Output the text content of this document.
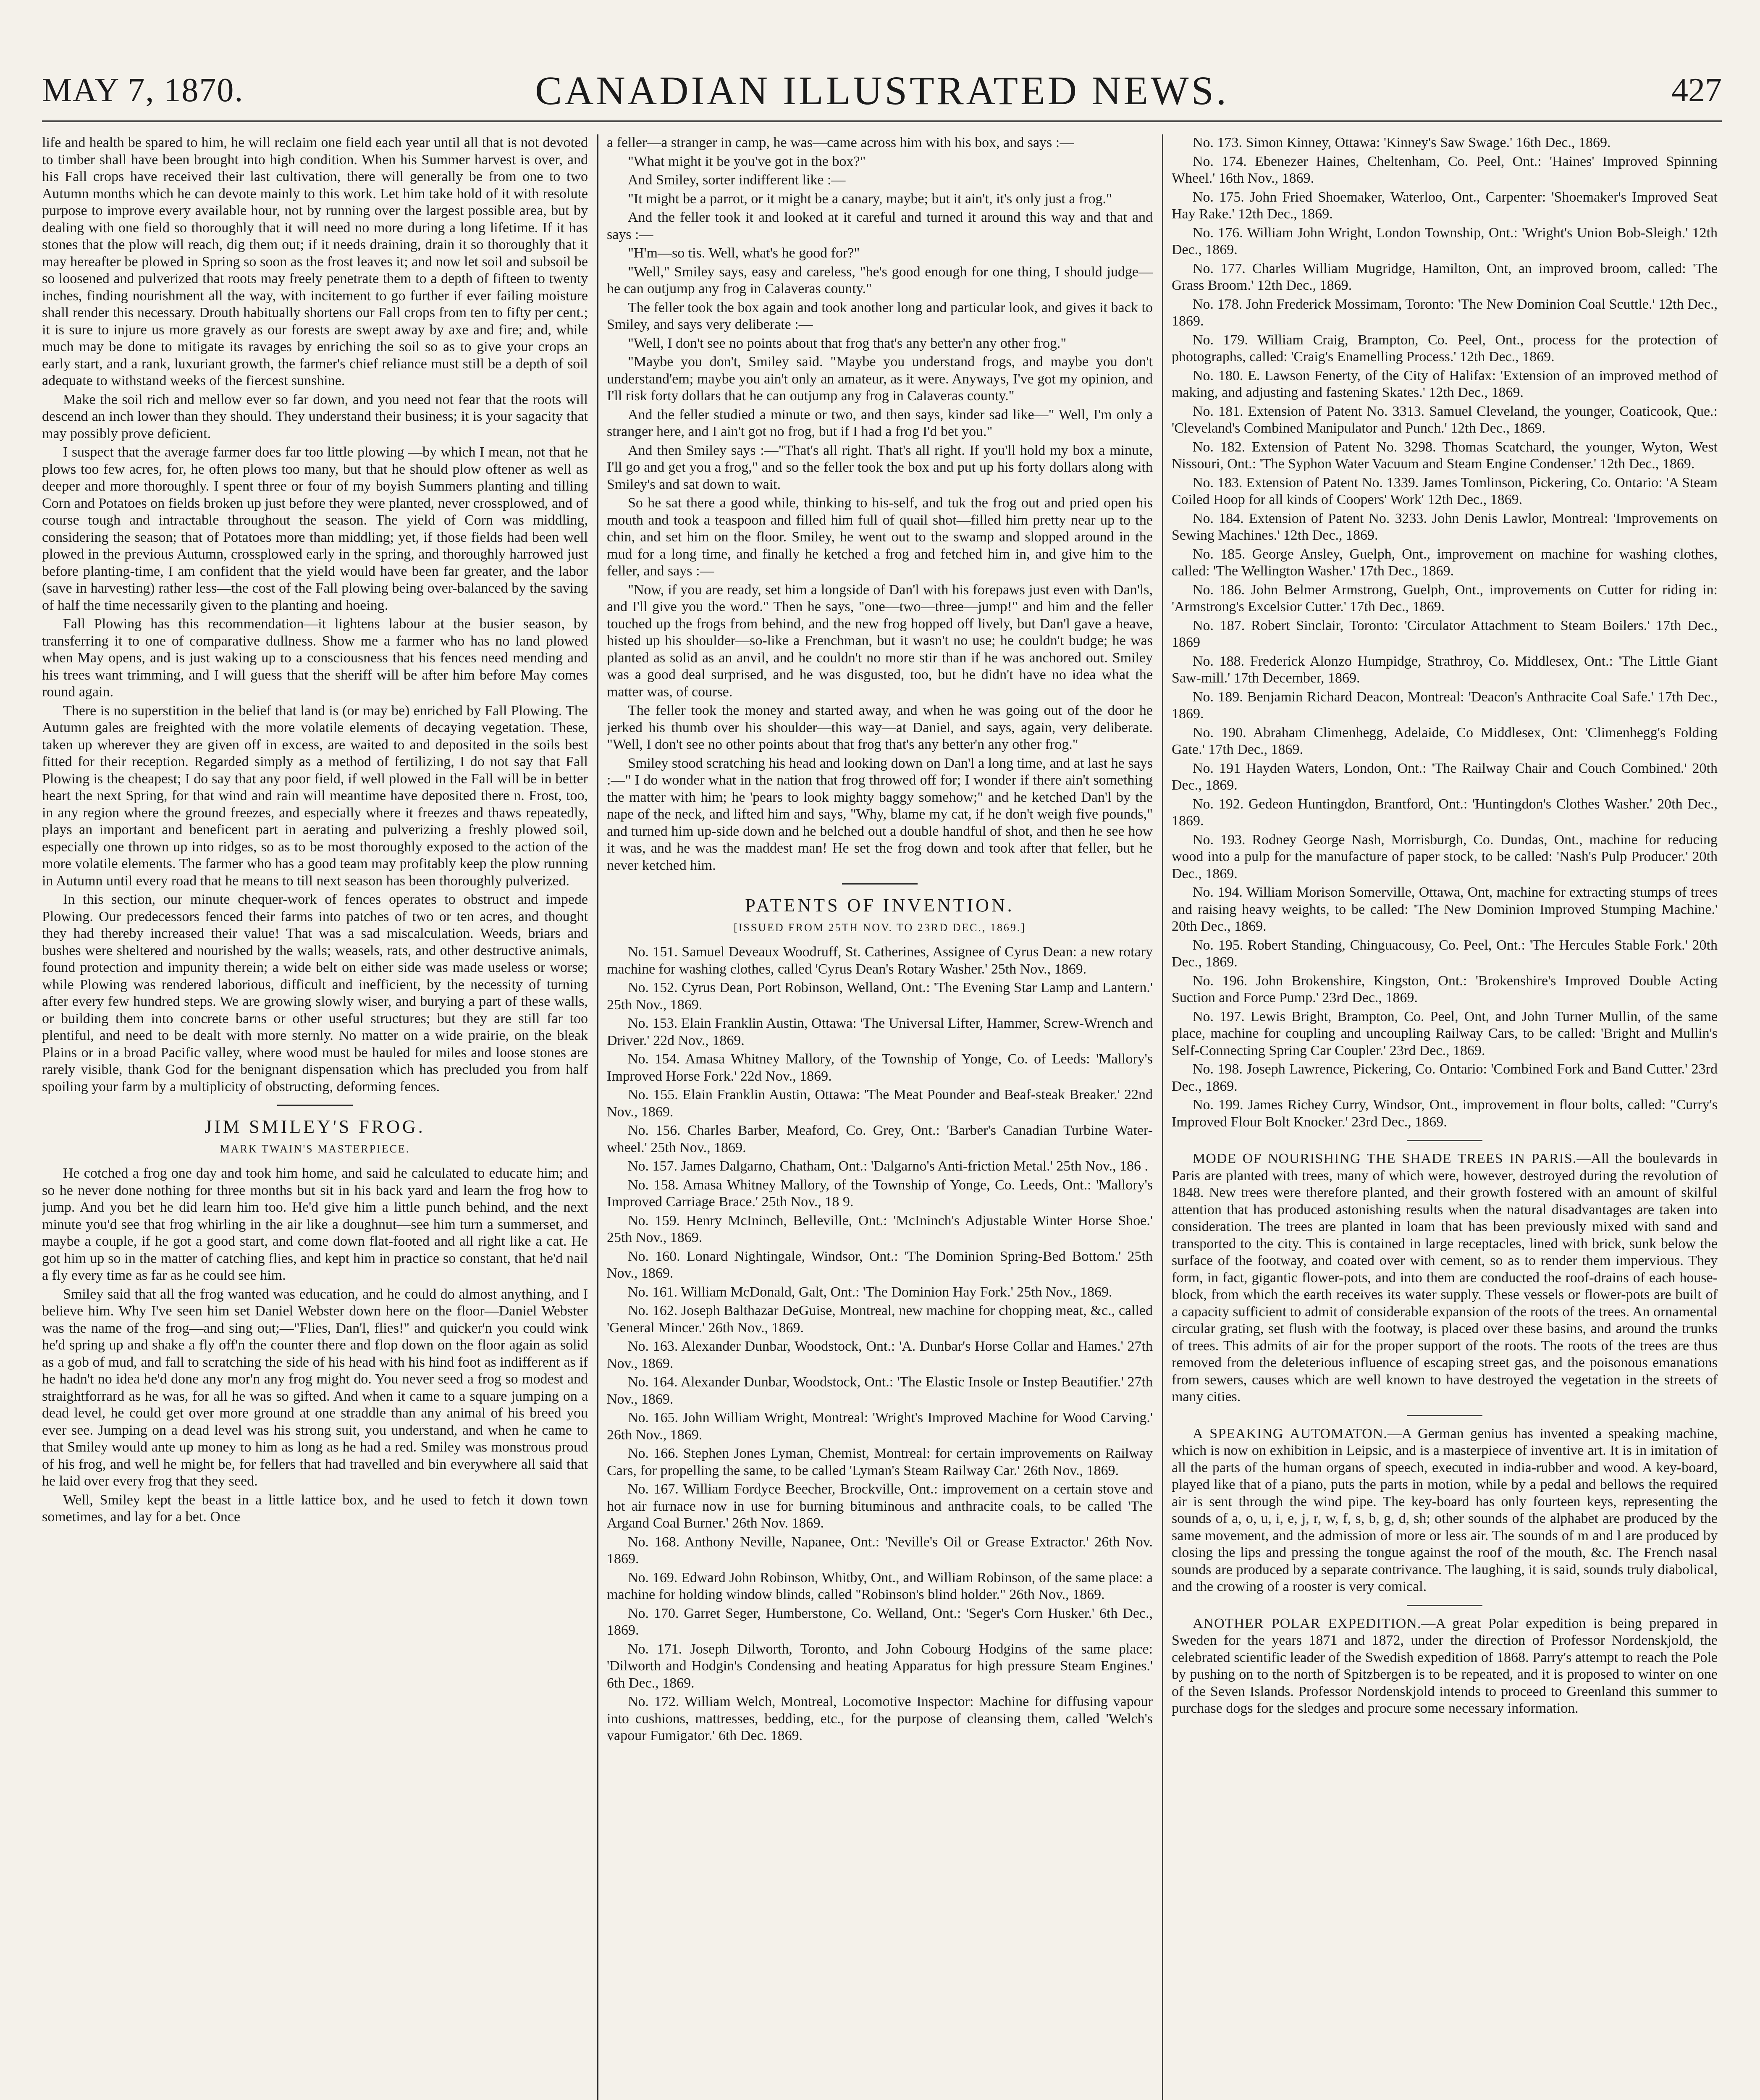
MAY 7, 1870.	CANADIAN ILLUSTRATED NEWS.	427

life and health be spared to him, he will reclaim one field each year until all that is not devoted to timber shall have been brought into high condition. When his Summer harvest is over, and his Fall crops have received their last cultivation, there will generally be from one to two Autumn months which he can devote mainly to this work. Let him take hold of it with resolute purpose to improve every available hour, not by running over the largest possible area, but by dealing with one field so thoroughly that it will need no more during a long lifetime. If it has stones that the plow will reach, dig them out; if it needs draining, drain it so thoroughly that it may hereafter be plowed in Spring so soon as the frost leaves it; and now let soil and subsoil be so loosened and pulverized that roots may freely penetrate them to a depth of fifteen to twenty inches, finding nourishment all the way, with incitement to go further if ever failing moisture shall render this necessary. Drouth habitually shortens our Fall crops from ten to fifty per cent.; it is sure to injure us more gravely as our forests are swept away by axe and fire; and, while much may be done to mitigate its ravages by enriching the soil so as to give your crops an early start, and a rank, luxuriant growth, the farmer's chief reliance must still be a depth of soil adequate to withstand weeks of the fiercest sunshine.

Make the soil rich and mellow ever so far down, and you need not fear that the roots will descend an inch lower than they should. They understand their business; it is your sagacity that may possibly prove deficient.

I suspect that the average farmer does far too little plowing —by which I mean, not that he plows too few acres, for, he often plows too many, but that he should plow oftener as well as deeper and more thoroughly. I spent three or four of my boyish Summers planting and tilling Corn and Potatoes on fields broken up just before they were planted, never crossplowed, and of course tough and intractable throughout the season. The yield of Corn was middling, considering the season; that of Potatoes more than middling; yet, if those fields had been well plowed in the previous Autumn, crossplowed early in the spring, and thoroughly harrowed just before planting-time, I am confident that the yield would have been far greater, and the labor (save in harvesting) rather less—the cost of the Fall plowing being over-balanced by the saving of half the time necessarily given to the planting and hoeing.

Fall Plowing has this recommendation—it lightens labour at the busier season, by transferring it to one of comparative dullness. Show me a farmer who has no land plowed when May opens, and is just waking up to a consciousness that his fences need mending and his trees want trimming, and I will guess that the sheriff will be after him before May comes round again.

There is no superstition in the belief that land is (or may be) enriched by Fall Plowing. The Autumn gales are freighted with the more volatile elements of decaying vegetation. These, taken up wherever they are given off in excess, are waited to and deposited in the soils best fitted for their reception. Regarded simply as a method of fertilizing, I do not say that Fall Plowing is the cheapest; I do say that any poor field, if well plowed in the Fall will be in better heart the next Spring, for that wind and rain will meantime have deposited there n. Frost, too, in any region where the ground freezes, and especially where it freezes and thaws repeatedly, plays an important and beneficent part in aerating and pulverizing a freshly plowed soil, especially one thrown up into ridges, so as to be most thoroughly exposed to the action of the more volatile elements. The farmer who has a good team may profitably keep the plow running in Autumn until every road that he means to till next season has been thoroughly pulverized.

In this section, our minute chequer-work of fences operates to obstruct and impede Plowing. Our predecessors fenced their farms into patches of two or ten acres, and thought they had thereby increased their value! That was a sad miscalculation. Weeds, briars and bushes were sheltered and nourished by the walls; weasels, rats, and other destructive animals, found protection and impunity therein; a wide belt on either side was made useless or worse; while Plowing was rendered laborious, difficult and inefficient, by the necessity of turning after every few hundred steps. We are growing slowly wiser, and burying a part of these walls, or building them into concrete barns or other useful structures; but they are still far too plentiful, and need to be dealt with more sternly. No matter on a wide prairie, on the bleak Plains or in a broad Pacific valley, where wood must be hauled for miles and loose stones are rarely visible, thank God for the benignant dispensation which has precluded you from half spoiling your farm by a multiplicity of obstructing, deforming fences.

JIM SMILEY'S FROG.
MARK TWAIN'S MASTERPIECE.

He cotched a frog one day and took him home, and said he calculated to educate him; and so he never done nothing for three months but sit in his back yard and learn the frog how to jump. And you bet he did learn him too. He'd give him a little punch behind, and the next minute you'd see that frog whirling in the air like a doughnut—see him turn a summerset, and maybe a couple, if he got a good start, and come down flat-footed and all right like a cat. He got him up so in the matter of catching flies, and kept him in practice so constant, that he'd nail a fly every time as far as he could see him.

Smiley said that all the frog wanted was education, and he could do almost anything, and I believe him. Why I've seen him set Daniel Webster down here on the floor—Daniel Webster was the name of the frog—and sing out;—"Flies, Dan'l, flies!" and quicker'n you could wink he'd spring up and shake a fly off'n the counter there and flop down on the floor again as solid as a gob of mud, and fall to scratching the side of his head with his hind foot as indifferent as if he hadn't no idea he'd done any mor'n any frog might do. You never seed a frog so modest and straightforrard as he was, for all he was so gifted. And when it came to a square jumping on a dead level, he could get over more ground at one straddle than any animal of his breed you ever see. Jumping on a dead level was his strong suit, you understand, and when he came to that Smiley would ante up money to him as long as he had a red. Smiley was monstrous proud of his frog, and well he might be, for fellers that had travelled and bin everywhere all said that he laid over every frog that they seed.

Well, Smiley kept the beast in a little lattice box, and he used to fetch it down town sometimes, and lay for a bet. Once

a feller—a stranger in camp, he was—came across him with his box, and says :—

"What might it be you've got in the box?"

And Smiley, sorter indifferent like :—

"It might be a parrot, or it might be a canary, maybe; but it ain't, it's only just a frog."

And the feller took it and looked at it careful and turned it around this way and that and says :—

"H'm—so tis. Well, what's he good for?"

"Well," Smiley says, easy and careless, "he's good enough for one thing, I should judge—he can outjump any frog in Calaveras county."

The feller took the box again and took another long and particular look, and gives it back to Smiley, and says very deliberate :—

"Well, I don't see no points about that frog that's any better'n any other frog."

"Maybe you don't, Smiley said. "Maybe you understand frogs, and maybe you don't understand'em; maybe you ain't only an amateur, as it were. Anyways, I've got my opinion, and I'll risk forty dollars that he can outjump any frog in Calaveras county."

And the feller studied a minute or two, and then says, kinder sad like—" Well, I'm only a stranger here, and I ain't got no frog, but if I had a frog I'd bet you."

And then Smiley says :—"That's all right. That's all right. If you'll hold my box a minute, I'll go and get you a frog," and so the feller took the box and put up his forty dollars along with Smiley's and sat down to wait.

So he sat there a good while, thinking to his-self, and tuk the frog out and pried open his mouth and took a teaspoon and filled him full of quail shot—filled him pretty near up to the chin, and set him on the floor. Smiley, he went out to the swamp and slopped around in the mud for a long time, and finally he ketched a frog and fetched him in, and give him to the feller, and says :—

"Now, if you are ready, set him a longside of Dan'l with his forepaws just even with Dan'ls, and I'll give you the word." Then he says, "one—two—three—jump!" and him and the feller touched up the frogs from behind, and the new frog hopped off lively, but Dan'l gave a heave, histed up his shoulder—so-like a Frenchman, but it wasn't no use; he couldn't budge; he was planted as solid as an anvil, and he couldn't no more stir than if he was anchored out. Smiley was a good deal surprised, and he was disgusted, too, but he didn't have no idea what the matter was, of course.

The feller took the money and started away, and when he was going out of the door he jerked his thumb over his shoulder—this way—at Daniel, and says, again, very deliberate. "Well, I don't see no other points about that frog that's any better'n any other frog."

Smiley stood scratching his head and looking down on Dan'l a long time, and at last he says :—" I do wonder what in the nation that frog throwed off for; I wonder if there ain't something the matter with him; he 'pears to look mighty baggy somehow;" and he ketched Dan'l by the nape of the neck, and lifted him and says, "Why, blame my cat, if he don't weigh five pounds," and turned him up-side down and he belched out a double handful of shot, and then he see how it was, and he was the maddest man! He set the frog down and took after that feller, but he never ketched him.

PATENTS OF INVENTION.
[ISSUED FROM 25TH NOV. TO 23RD DEC., 1869.]

No. 151. Samuel Deveaux Woodruff, St. Catherines, Assignee of Cyrus Dean: a new rotary machine for washing clothes, called 'Cyrus Dean's Rotary Washer.' 25th Nov., 1869.

No. 152. Cyrus Dean, Port Robinson, Welland, Ont.: 'The Evening Star Lamp and Lantern.' 25th Nov., 1869.

No. 153. Elain Franklin Austin, Ottawa: 'The Universal Lifter, Hammer, Screw-Wrench and Driver.' 22d Nov., 1869.

No. 154. Amasa Whitney Mallory, of the Township of Yonge, Co. of Leeds: 'Mallory's Improved Horse Fork.' 22d Nov., 1869.

No. 155. Elain Franklin Austin, Ottawa: 'The Meat Pounder and Beaf-steak Breaker.' 22nd Nov., 1869.

No. 156. Charles Barber, Meaford, Co. Grey, Ont.: 'Barber's Canadian Turbine Water-wheel.' 25th Nov., 1869.

No. 157. James Dalgarno, Chatham, Ont.: 'Dalgarno's Anti-friction Metal.' 25th Nov., 186 .

No. 158. Amasa Whitney Mallory, of the Township of Yonge, Co. Leeds, Ont.: 'Mallory's Improved Carriage Brace.' 25th Nov., 18 9.

No. 159. Henry McIninch, Belleville, Ont.: 'McIninch's Adjustable Winter Horse Shoe.' 25th Nov., 1869.

No. 160. Lonard Nightingale, Windsor, Ont.: 'The Dominion Spring-Bed Bottom.' 25th Nov., 1869.

No. 161. William McDonald, Galt, Ont.: 'The Dominion Hay Fork.' 25th Nov., 1869.

No. 162. Joseph Balthazar DeGuise, Montreal, new machine for chopping meat, &c., called 'General Mincer.' 26th Nov., 1869.

No. 163. Alexander Dunbar, Woodstock, Ont.: 'A. Dunbar's Horse Collar and Hames.' 27th Nov., 1869.

No. 164. Alexander Dunbar, Woodstock, Ont.: 'The Elastic Insole or Instep Beautifier.' 27th Nov., 1869.

No. 165. John William Wright, Montreal: 'Wright's Improved Machine for Wood Carving.' 26th Nov., 1869.

No. 166. Stephen Jones Lyman, Chemist, Montreal: for certain improvements on Railway Cars, for propelling the same, to be called 'Lyman's Steam Railway Car.' 26th Nov., 1869.

No. 167. William Fordyce Beecher, Brockville, Ont.: improvement on a certain stove and hot air furnace now in use for burning bituminous and anthracite coals, to be called 'The Argand Coal Burner.' 26th Nov. 1869.

No. 168. Anthony Neville, Napanee, Ont.: 'Neville's Oil or Grease Extractor.' 26th Nov. 1869.

No. 169. Edward John Robinson, Whitby, Ont., and William Robinson, of the same place: a machine for holding window blinds, called "Robinson's blind holder." 26th Nov., 1869.

No. 170. Garret Seger, Humberstone, Co. Welland, Ont.: 'Seger's Corn Husker.' 6th Dec., 1869.

No. 171. Joseph Dilworth, Toronto, and John Cobourg Hodgins of the same place: 'Dilworth and Hodgin's Condensing and heating Apparatus for high pressure Steam Engines.' 6th Dec., 1869.

No. 172. William Welch, Montreal, Locomotive Inspector: Machine for diffusing vapour into cushions, mattresses, bedding, etc., for the purpose of cleansing them, called 'Welch's vapour Fumigator.' 6th Dec. 1869.

No. 173. Simon Kinney, Ottawa: 'Kinney's Saw Swage.' 16th Dec., 1869.

No. 174. Ebenezer Haines, Cheltenham, Co. Peel, Ont.: 'Haines' Improved Spinning Wheel.' 16th Nov., 1869.

No. 175. John Fried Shoemaker, Waterloo, Ont., Carpenter: 'Shoemaker's Improved Seat Hay Rake.' 12th Dec., 1869.

No. 176. William John Wright, London Township, Ont.: 'Wright's Union Bob-Sleigh.' 12th Dec., 1869.

No. 177. Charles William Mugridge, Hamilton, Ont, an improved broom, called: 'The Grass Broom.' 12th Dec., 1869.

No. 178. John Frederick Mossimam, Toronto: 'The New Dominion Coal Scuttle.' 12th Dec., 1869.

No. 179. William Craig, Brampton, Co. Peel, Ont., process for the protection of photographs, called: 'Craig's Enamelling Process.' 12th Dec., 1869.

No. 180. E. Lawson Fenerty, of the City of Halifax: 'Extension of an improved method of making, and adjusting and fastening Skates.' 12th Dec., 1869.

No. 181. Extension of Patent No. 3313. Samuel Cleveland, the younger, Coaticook, Que.: 'Cleveland's Combined Manipulator and Punch.' 12th Dec., 1869.

No. 182. Extension of Patent No. 3298. Thomas Scatchard, the younger, Wyton, West Nissouri, Ont.: 'The Syphon Water Vacuum and Steam Engine Condenser.' 12th Dec., 1869.

No. 183. Extension of Patent No. 1339. James Tomlinson, Pickering, Co. Ontario: 'A Steam Coiled Hoop for all kinds of Coopers' Work' 12th Dec., 1869.

No. 184. Extension of Patent No. 3233. John Denis Lawlor, Montreal: 'Improvements on Sewing Machines.' 12th Dec., 1869.

No. 185. George Ansley, Guelph, Ont., improvement on machine for washing clothes, called: 'The Wellington Washer.' 17th Dec., 1869.

No. 186. John Belmer Armstrong, Guelph, Ont., improvements on Cutter for riding in: 'Armstrong's Excelsior Cutter.' 17th Dec., 1869.

No. 187. Robert Sinclair, Toronto: 'Circulator Attachment to Steam Boilers.' 17th Dec., 1869

No. 188. Frederick Alonzo Humpidge, Strathroy, Co. Middlesex, Ont.: 'The Little Giant Saw-mill.' 17th December, 1869.

No. 189. Benjamin Richard Deacon, Montreal: 'Deacon's Anthracite Coal Safe.' 17th Dec., 1869.

No. 190. Abraham Climenhegg, Adelaide, Co Middlesex, Ont: 'Climenhegg's Folding Gate.' 17th Dec., 1869.

No. 191 Hayden Waters, London, Ont.: 'The Railway Chair and Couch Combined.' 20th Dec., 1869.

No. 192. Gedeon Huntingdon, Brantford, Ont.: 'Huntingdon's Clothes Washer.' 20th Dec., 1869.

No. 193. Rodney George Nash, Morrisburgh, Co. Dundas, Ont., machine for reducing wood into a pulp for the manufacture of paper stock, to be called: 'Nash's Pulp Producer.' 20th Dec., 1869.

No. 194. William Morison Somerville, Ottawa, Ont, machine for extracting stumps of trees and raising heavy weights, to be called: 'The New Dominion Improved Stumping Machine.' 20th Dec., 1869.

No. 195. Robert Standing, Chinguacousy, Co. Peel, Ont.: 'The Hercules Stable Fork.' 20th Dec., 1869.

No. 196. John Brokenshire, Kingston, Ont.: 'Brokenshire's Improved Double Acting Suction and Force Pump.' 23rd Dec., 1869.

No. 197. Lewis Bright, Brampton, Co. Peel, Ont, and John Turner Mullin, of the same place, machine for coupling and uncoupling Railway Cars, to be called: 'Bright and Mullin's Self-Connecting Spring Car Coupler.' 23rd Dec., 1869.

No. 198. Joseph Lawrence, Pickering, Co. Ontario: 'Combined Fork and Band Cutter.' 23rd Dec., 1869.

No. 199. James Richey Curry, Windsor, Ont., improvement in flour bolts, called: "Curry's Improved Flour Bolt Knocker.' 23rd Dec., 1869.

MODE OF NOURISHING THE SHADE TREES IN PARIS.—All the boulevards in Paris are planted with trees, many of which were, however, destroyed during the revolution of 1848. New trees were therefore planted, and their growth fostered with an amount of skilful attention that has produced astonishing results when the natural disadvantages are taken into consideration. The trees are planted in loam that has been previously mixed with sand and transported to the city. This is contained in large receptacles, lined with brick, sunk below the surface of the footway, and coated over with cement, so as to render them impervious. They form, in fact, gigantic flower-pots, and into them are conducted the roof-drains of each house-block, from which the earth receives its water supply. These vessels or flower-pots are built of a capacity sufficient to admit of considerable expansion of the roots of the trees. An ornamental circular grating, set flush with the footway, is placed over these basins, and around the trunks of trees. This admits of air for the proper support of the roots. The roots of the trees are thus removed from the deleterious influence of escaping street gas, and the poisonous emanations from sewers, causes which are well known to have destroyed the vegetation in the streets of many cities.

A SPEAKING AUTOMATON.—A German genius has invented a speaking machine, which is now on exhibition in Leipsic, and is a masterpiece of inventive art. It is in imitation of all the parts of the human organs of speech, executed in india-rubber and wood. A key-board, played like that of a piano, puts the parts in motion, while by a pedal and bellows the required air is sent through the wind pipe. The key-board has only fourteen keys, representing the sounds of a, o, u, i, e, j, r, w, f, s, b, g, d, sh; other sounds of the alphabet are produced by the same movement, and the admission of more or less air. The sounds of m and l are produced by closing the lips and pressing the tongue against the roof of the mouth, &c. The French nasal sounds are produced by a separate contrivance. The laughing, it is said, sounds truly diabolical, and the crowing of a rooster is very comical.

ANOTHER POLAR EXPEDITION.—A great Polar expedition is being prepared in Sweden for the years 1871 and 1872, under the direction of Professor Nordenskjold, the celebrated scientific leader of the Swedish expedition of 1868. Parry's attempt to reach the Pole by pushing on to the north of Spitzbergen is to be repeated, and it is proposed to winter on one of the Seven Islands. Professor Nordenskjold intends to proceed to Greenland this summer to purchase dogs for the sledges and procure some necessary information.
